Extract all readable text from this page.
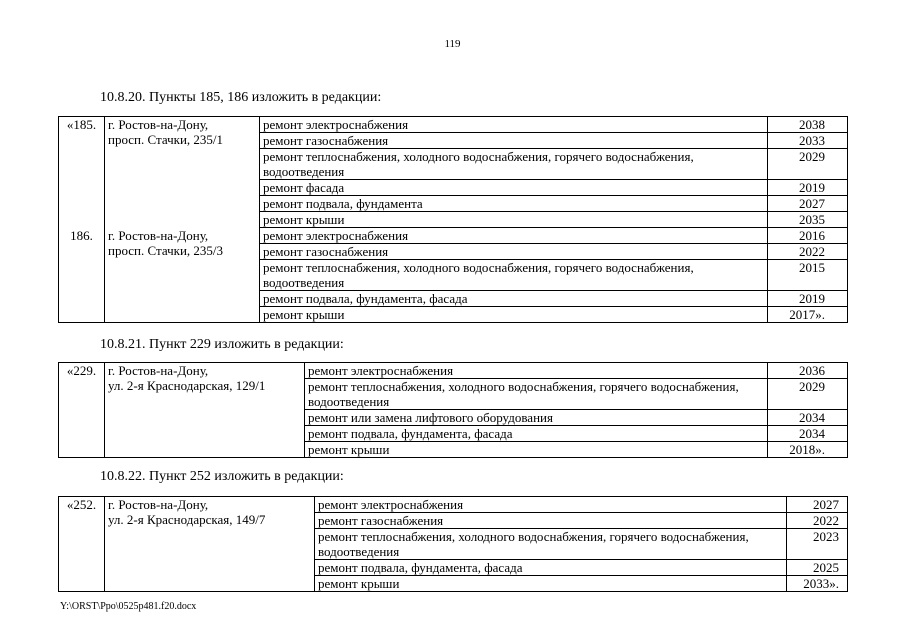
119
10.8.20. Пункты 185, 186 изложить в редакции:
«185.	г. Ростов-на-Дону,
просп. Стачки, 235/1	ремонт электроснабжения	2038
		ремонт газоснабжения	2033
		ремонт теплоснабжения, холодного водоснабжения, горячего водоснабжения, водоотведения	2029
		ремонт фасада	2019
		ремонт подвала, фундамента	2027
		ремонт крыши	2035
186.	г. Ростов-на-Дону,
просп. Стачки, 235/3	ремонт электроснабжения	2016
		ремонт газоснабжения	2022
		ремонт теплоснабжения, холодного водоснабжения, горячего водоснабжения, водоотведения	2015
		ремонт подвала, фундамента, фасада	2019
		ремонт крыши	2017».
10.8.21. Пункт 229 изложить в редакции:
«229.	г. Ростов-на-Дону,
ул. 2-я Краснодарская, 129/1	ремонт электроснабжения	2036
		ремонт теплоснабжения, холодного водоснабжения, горячего водоснабжения, водоотведения	2029
		ремонт или замена лифтового оборудования	2034
		ремонт подвала, фундамента, фасада	2034
		ремонт крыши	2018».
10.8.22. Пункт 252 изложить в редакции:
«252.	г. Ростов-на-Дону,
ул. 2-я Краснодарская, 149/7	ремонт электроснабжения	2027
		ремонт газоснабжения	2022
		ремонт теплоснабжения, холодного водоснабжения, горячего водоснабжения, водоотведения	2023
		ремонт подвала, фундамента, фасада	2025
		ремонт крыши	2033».
Y:\ORST\Ppo\0525p481.f20.docx
